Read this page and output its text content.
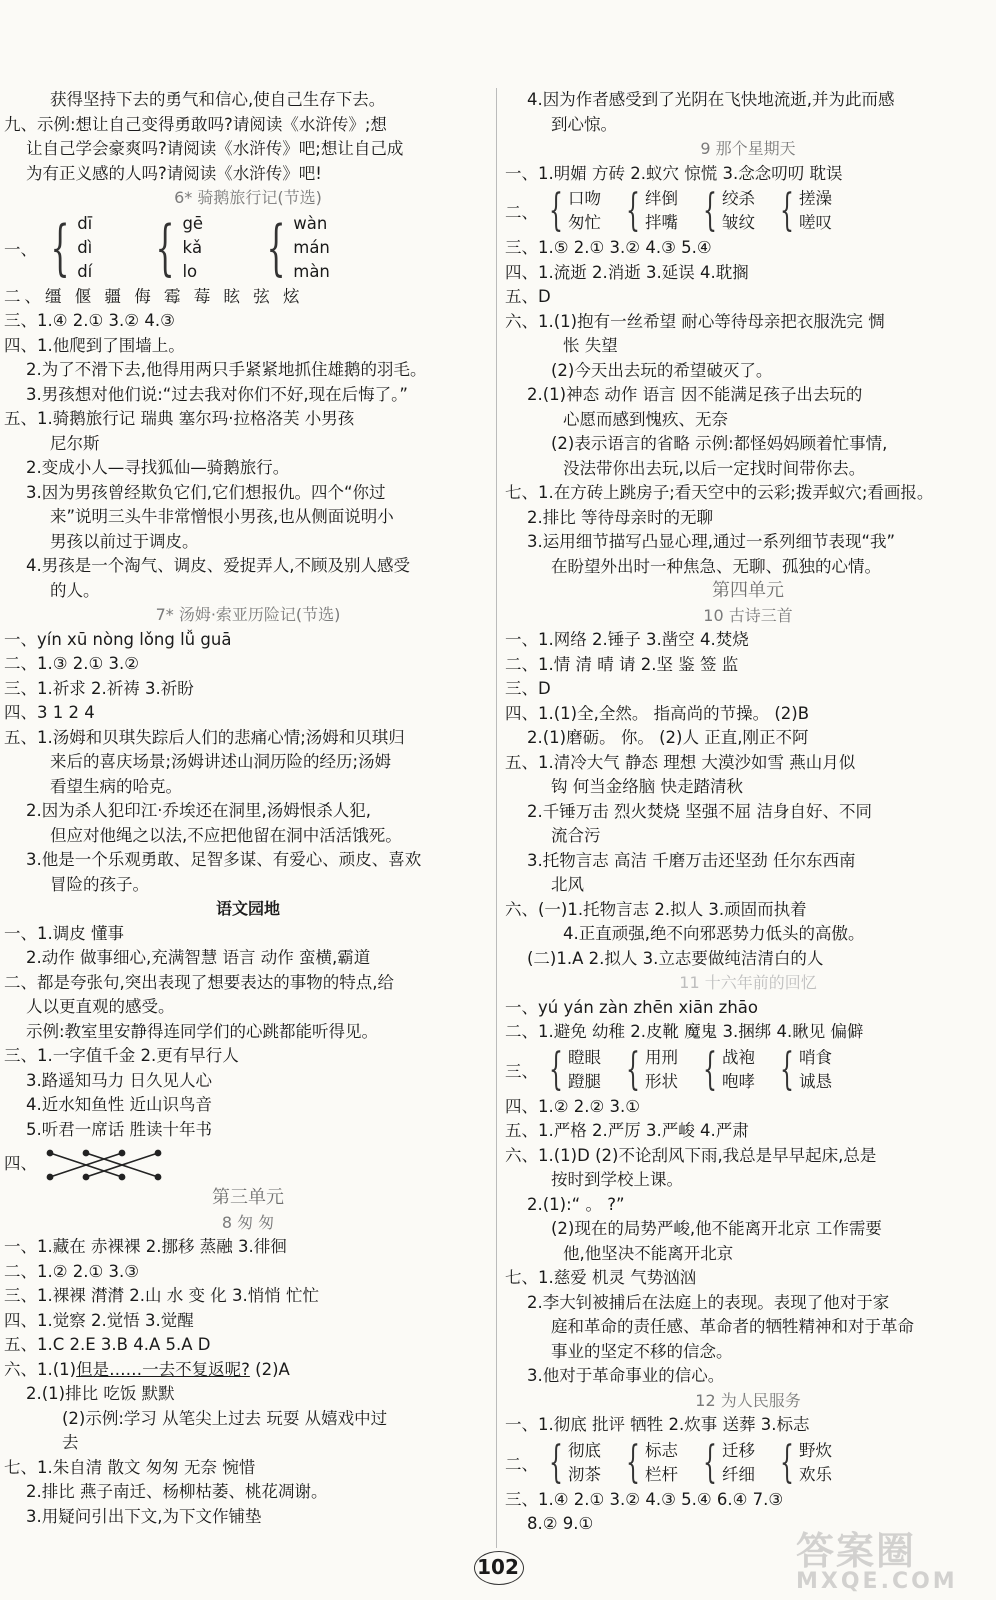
获得坚持下去的勇气和信心,使自己生存下去。
九、示例:想让自己变得勇敢吗?请阅读《水浒传》;想
让自己学会豪爽吗?请阅读《水浒传》吧;想让自己成
为有正义感的人吗?请阅读《水浒传》吧!
6* 骑鹅旅行记(节选)
一、 { dī
dì
dí { gē
kǎ
lo { wàn
mán
màn
二、缰 偃 疆 侮 霉 莓 眩 弦 炫
三、1.④ 2.① 3.② 4.③
四、1.他爬到了围墙上。
2.为了不滑下去,他得用两只手紧紧地抓住雄鹅的羽毛。
3.男孩想对他们说:“过去我对你们不好,现在后悔了。”
五、1.骑鹅旅行记 瑞典 塞尔玛·拉格洛芙 小男孩
尼尔斯
2.变成小人—寻找狐仙—骑鹅旅行。
3.因为男孩曾经欺负它们,它们想报仇。四个“你过
来”说明三头牛非常憎恨小男孩,也从侧面说明小
男孩以前过于调皮。
4.男孩是一个淘气、调皮、爱捉弄人,不顾及别人感受
的人。
7* 汤姆·索亚历险记(节选)
一、yín xū nòng lǒng lǚ guā
二、1.③ 2.① 3.②
三、1.祈求 2.祈祷 3.祈盼
四、3 1 2 4
五、1.汤姆和贝琪失踪后人们的悲痛心情;汤姆和贝琪归
来后的喜庆场景;汤姆讲述山洞历险的经历;汤姆
看望生病的哈克。
2.因为杀人犯印江·乔埃还在洞里,汤姆恨杀人犯,
但应对他绳之以法,不应把他留在洞中活活饿死。
3.他是一个乐观勇敢、足智多谋、有爱心、顽皮、喜欢
冒险的孩子。
语文园地
一、1.调皮 懂事
2.动作 做事细心,充满智慧 语言 动作 蛮横,霸道
二、都是夸张句,突出表现了想要表达的事物的特点,给
人以更直观的感受。
示例:教室里安静得连同学们的心跳都能听得见。
三、1.一字值千金 2.更有早行人
3.路遥知马力 日久见人心
4.近水知鱼性 近山识鸟音
5.听君一席话 胜读十年书
四、
第三单元
8 匆 匆
一、1.藏在 赤裸裸 2.挪移 蒸融 3.徘徊
二、1.② 2.① 3.③
三、1.裸裸 潸潸 2.山 水 变 化 3.悄悄 忙忙
四、1.觉察 2.觉悟 3.觉醒
五、1.C 2.E 3.B 4.A 5.A D
六、1.(1)但是……一去不复返呢? (2)A
2.(1)排比 吃饭 默默
(2)示例:学习 从笔尖上过去 玩耍 从嬉戏中过
去
七、1.朱自清 散文 匆匆 无奈 惋惜
2.排比 燕子南迁、杨柳枯萎、桃花凋谢。
3.用疑问引出下文,为下文作铺垫
4.因为作者感受到了光阴在飞快地流逝,并为此而感
到心惊。
9 那个星期天
一、1.明媚 方砖 2.蚁穴 惊慌 3.念念叨叨 耽误
二、 { 口吻
匆忙 { 绊倒
拌嘴 { 绞杀
皱纹 { 搓澡
嗟叹
三、1.⑤ 2.① 3.② 4.③ 5.④
四、1.流逝 2.消逝 3.延误 4.耽搁
五、D
六、1.(1)抱有一丝希望 耐心等待母亲把衣服洗完 惆
怅 失望
(2)今天出去玩的希望破灭了。
2.(1)神态 动作 语言 因不能满足孩子出去玩的
心愿而感到愧疚、无奈
(2)表示语言的省略 示例:都怪妈妈顾着忙事情,
没法带你出去玩,以后一定找时间带你去。
七、1.在方砖上跳房子;看天空中的云彩;拨弄蚁穴;看画报。
2.排比 等待母亲时的无聊
3.运用细节描写凸显心理,通过一系列细节表现“我”
在盼望外出时一种焦急、无聊、孤独的心情。
第四单元
10 古诗三首
一、1.网络 2.锤子 3.凿空 4.焚烧
二、1.情 清 晴 请 2.坚 鉴 签 监
三、D
四、1.(1)全,全然。 指高尚的节操。 (2)B
2.(1)磨砺。 你。 (2)人 正直,刚正不阿
五、1.清冷大气 静态 理想 大漠沙如雪 燕山月似
钩 何当金络脑 快走踏清秋
2.千锤万击 烈火焚烧 坚强不屈 洁身自好、不同
流合污
3.托物言志 高洁 千磨万击还坚劲 任尔东西南
北风
六、(一)1.托物言志 2.拟人 3.顽固而执着
4.正直顽强,绝不向邪恶势力低头的高傲。
(二)1.A 2.拟人 3.立志要做纯洁清白的人
11 十六年前的回忆
一、yú yán zàn zhēn xiān zhāo
二、1.避免 幼稚 2.皮靴 魔鬼 3.捆绑 4.瞅见 偏僻
三、 { 瞪眼
蹬腿 { 用刑
形状 { 战袍
咆哮 { 哨食
诚恳
四、1.② 2.② 3.①
五、1.严格 2.严厉 3.严峻 4.严肃
六、1.(1)D (2)不论刮风下雨,我总是早早起床,总是
按时到学校上课。
2.(1):“ 。 ?”
(2)现在的局势严峻,他不能离开北京 工作需要
他,他坚决不能离开北京
七、1.慈爱 机灵 气势汹汹
2.李大钊被捕后在法庭上的表现。表现了他对于家
庭和革命的责任感、革命者的牺牲精神和对于革命
事业的坚定不移的信念。
3.他对于革命事业的信心。
12 为人民服务
一、1.彻底 批评 牺牲 2.炊事 送葬 3.标志
二、 { 彻底
沏茶 { 标志
栏杆 { 迁移
纤细 { 野炊
欢乐
三、1.④ 2.① 3.② 4.③ 5.④ 6.④ 7.③
8.② 9.①
102	答案圈
MXQE.COM
